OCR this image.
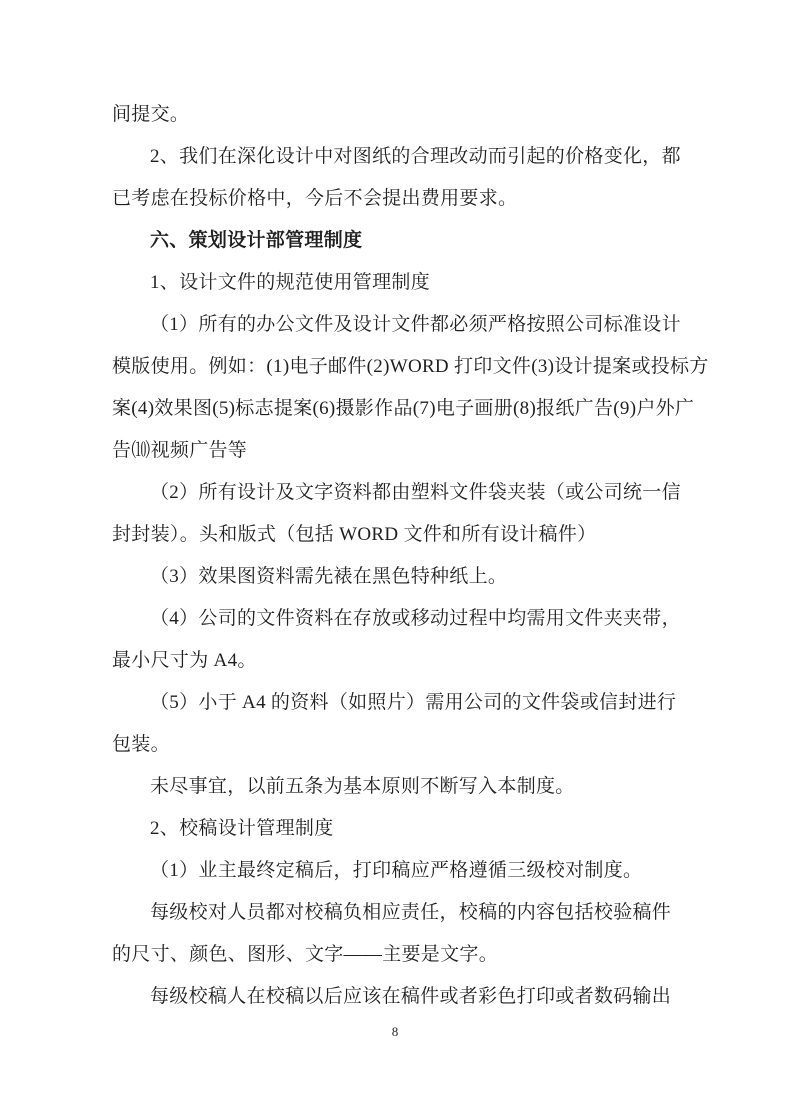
间提交。
2、我们在深化设计中对图纸的合理改动而引起的价格变化，都
已考虑在投标价格中，今后不会提出费用要求。
六、策划设计部管理制度
1、设计文件的规范使用管理制度
（1）所有的办公文件及设计文件都必须严格按照公司标准设计
模版使用。例如：(1)电子邮件(2)WORD 打印文件(3)设计提案或投标方
案(4)效果图(5)标志提案(6)摄影作品(7)电子画册(8)报纸广告(9)户外广
告⑽视频广告等
（2）所有设计及文字资料都由塑料文件袋夹装（或公司统一信
封封装）。头和版式（包括 WORD 文件和所有设计稿件）
（3）效果图资料需先裱在黑色特种纸上。
（4）公司的文件资料在存放或移动过程中均需用文件夹夹带，
最小尺寸为 A4。
（5）小于 A4 的资料（如照片）需用公司的文件袋或信封进行
包装。
未尽事宜，以前五条为基本原则不断写入本制度。
2、校稿设计管理制度
（1）业主最终定稿后，打印稿应严格遵循三级校对制度。
每级校对人员都对校稿负相应责任，校稿的内容包括校验稿件
的尺寸、颜色、图形、文字——主要是文字。
每级校稿人在校稿以后应该在稿件或者彩色打印或者数码输出
8
